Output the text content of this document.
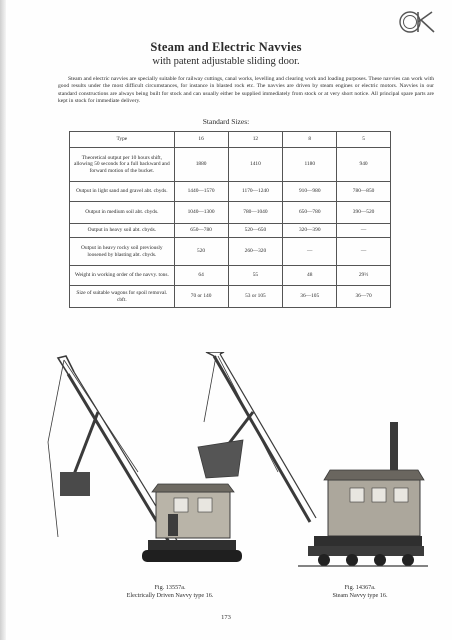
Steam and Electric Navvies
with patent adjustable sliding door.

Steam and electric navvies are specially suitable for railway cuttings, canal works, levelling and clearing work and loading purposes. These navvies can work with good results under the most difficult circumstances, for instance in blasted rock etc. The navvies are driven by steam engines or electric motors. Navvies in our standard constructions are always being built for stock and can usually either be supplied immediately from stock or at very short notice. All principal spare parts are kept in stock for immediate delivery.

Standard Sizes:
Type	16	12	8	5
Theoretical output per 10 hours shift, allowing 50 seconds for a full backward and forward motion of the bucket.	1880	1410	1180	940
Output in light sand and gravel abt. cbyds.	1440—1570	1170—1240	910—980	780—850
Output in medium soil abt. cbyds.	1040—1300	780—1040	650—780	390—520
Output in heavy soil abt. cbyds.	650—780	520—650	320—390	—
Output in heavy rocky soil previously loosened by blasting abt. cbyds.	520	260—320	—	—
Weight in working order of the navvy. tons.	64	55	48	29½
Size of suitable wagons for spoil removal. cbft.	70 or 140	53 or 105	36—105	36—70
Fig. 13557a.
Electrically Driven Navvy type 16.
Fig. 14367a.
Steam Navvy type 16.
173
